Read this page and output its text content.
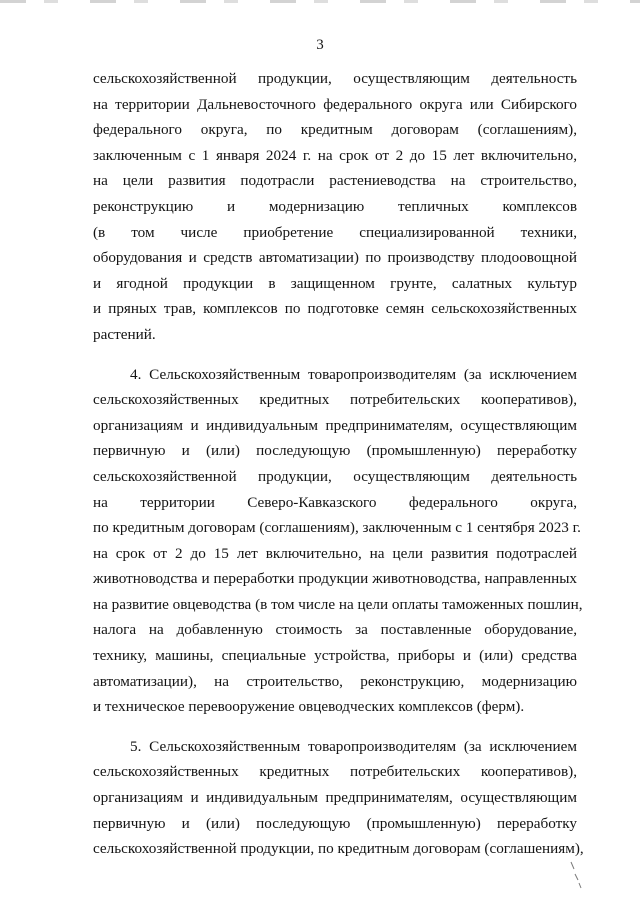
3
сельскохозяйственной продукции, осуществляющим деятельность
на территории Дальневосточного федерального округа или Сибирского
федерального округа, по кредитным договорам (соглашениям),
заключенным с 1 января 2024 г. на срок от 2 до 15 лет включительно,
на цели развития подотрасли растениеводства на строительство,
реконструкцию и модернизацию тепличных комплексов
(в том числе приобретение специализированной техники,
оборудования и средств автоматизации) по производству плодоовощной
и ягодной продукции в защищенном грунте, салатных культур
и пряных трав, комплексов по подготовке семян сельскохозяйственных
растений.
4. Сельскохозяйственным товаропроизводителям (за исключением
сельскохозяйственных кредитных потребительских кооперативов),
организациям и индивидуальным предпринимателям, осуществляющим
первичную и (или) последующую (промышленную) переработку
сельскохозяйственной продукции, осуществляющим деятельность
на территории Северо-Кавказского федерального округа,
по кредитным договорам (соглашениям), заключенным с 1 сентября 2023 г.
на срок от 2 до 15 лет включительно, на цели развития подотраслей
животноводства и переработки продукции животноводства, направленных
на развитие овцеводства (в том числе на цели оплаты таможенных пошлин,
налога на добавленную стоимость за поставленные оборудование,
технику, машины, специальные устройства, приборы и (или) средства
автоматизации), на строительство, реконструкцию, модернизацию
и техническое перевооружение овцеводческих комплексов (ферм).
5. Сельскохозяйственным товаропроизводителям (за исключением
сельскохозяйственных кредитных потребительских кооперативов),
организациям и индивидуальным предпринимателям, осуществляющим
первичную и (или) последующую (промышленную) переработку
сельскохозяйственной продукции, по кредитным договорам (соглашениям),
